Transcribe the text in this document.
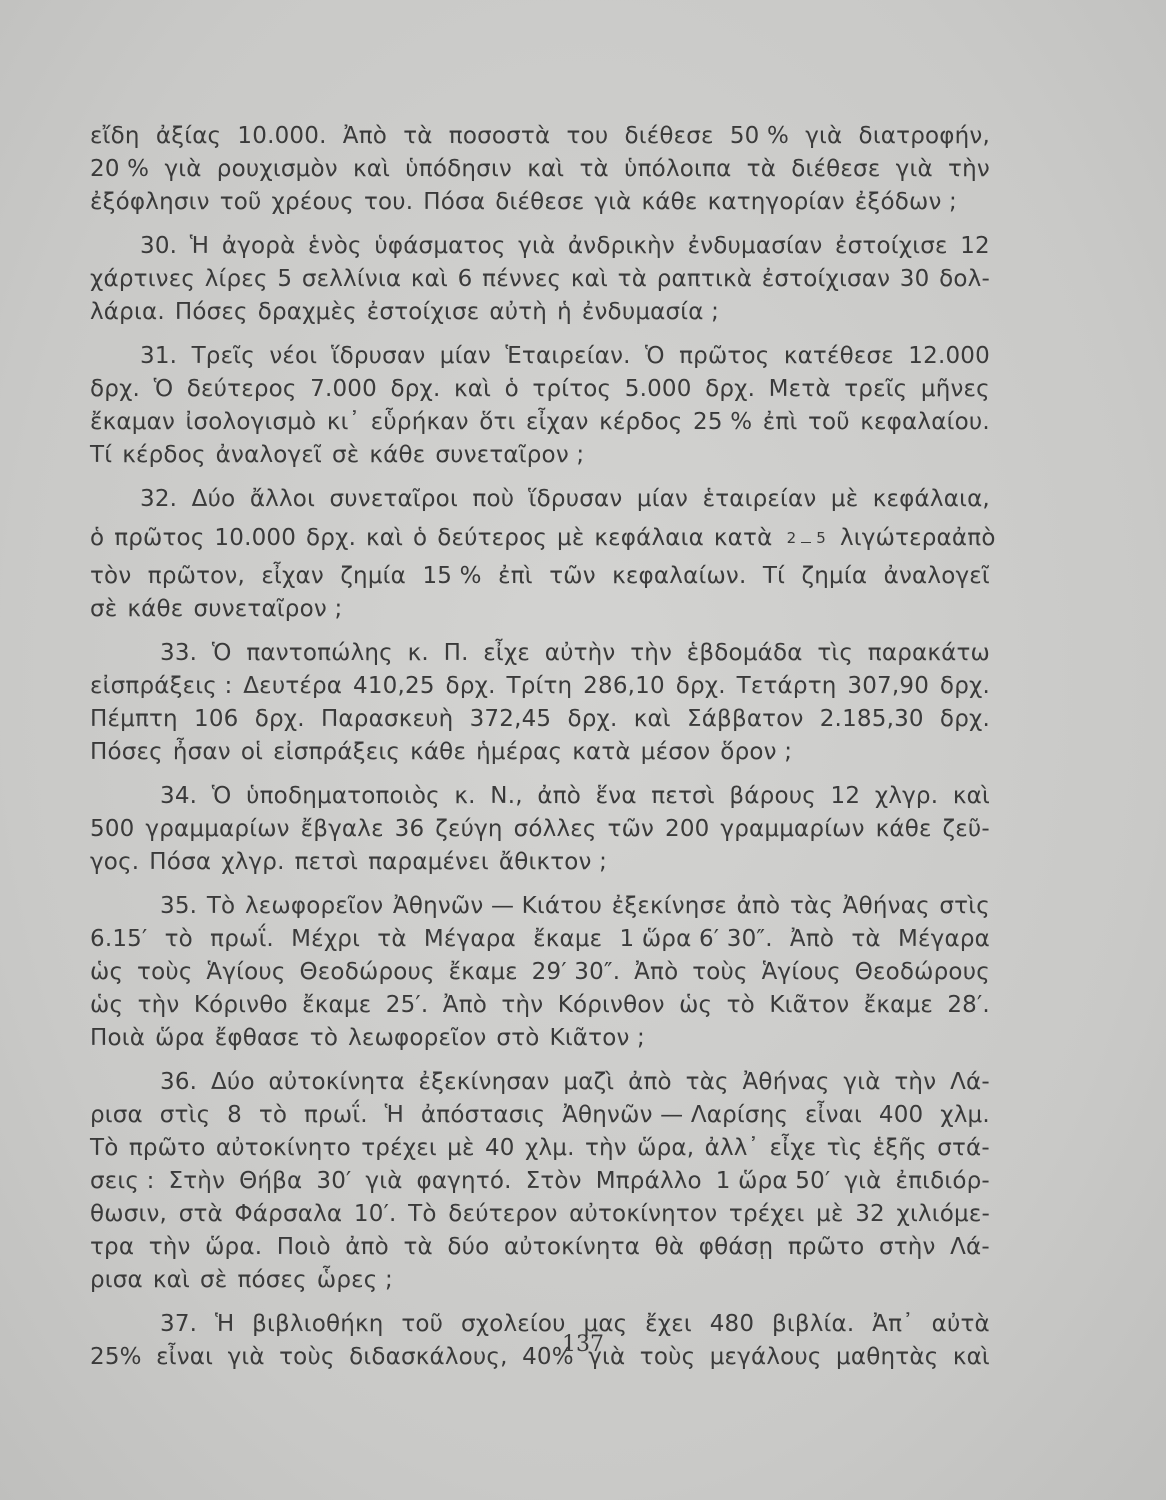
εἴδη ἀξίας 10.000. Ἀπὸ τὰ ποσοστὰ του διέθεσε 50 % γιὰ διατροφήν,
20 % γιὰ ρουχισμὸν καὶ ὑπόδησιν καὶ τὰ ὑπόλοιπα τὰ διέθεσε γιὰ τὴν
ἐξόφλησιν τοῦ χρέους του. Πόσα διέθεσε γιὰ κάθε κατηγορίαν ἐξόδων ;
30. Ἡ ἀγορὰ ἑνὸς ὑφάσματος γιὰ ἀνδρικὴν ἐνδυμασίαν ἐστοίχισε 12
χάρτινες λίρες 5 σελλίνια καὶ 6 πέννες καὶ τὰ ραπτικὰ ἐστοίχισαν 30 δολ-
λάρια. Πόσες δραχμὲς ἐστοίχισε αὐτὴ ἡ ἐνδυμασία ;
31. Τρεῖς νέοι ἵδρυσαν μίαν Ἑταιρείαν. Ὁ πρῶτος κατέθεσε 12.000
δρχ. Ὁ δεύτερος 7.000 δρχ. καὶ ὁ τρίτος 5.000 δρχ. Μετὰ τρεῖς μῆνες
ἔκαμαν ἰσολογισμὸ κι᾿ εὗρήκαν ὅτι εἶχαν κέρδος 25 % ἐπὶ τοῦ κεφαλαίου.
Τί κέρδος ἀναλογεῖ σὲ κάθε συνεταῖρον ;
32. Δύο ἄλλοι συνεταῖροι ποὺ ἵδρυσαν μίαν ἑταιρείαν μὲ κεφάλαια,
ὁ πρῶτος 10.000 δρχ. καὶ ὁ δεύτερος μὲ κεφάλαια κατὰ 2 5 λιγώτερα ἀπὸ
τὸν πρῶτον, εἶχαν ζημία 15 % ἐπὶ τῶν κεφαλαίων. Τί ζημία ἀναλογεῖ
σὲ κάθε συνεταῖρον ;
33. Ὁ παντοπώλης κ. Π. εἶχε αὐτὴν τὴν ἑβδομάδα τὶς παρακάτω
εἰσπράξεις : Δευτέρα 410,25 δρχ. Τρίτη 286,10 δρχ. Τετάρτη 307,90 δρχ.
Πέμπτη 106 δρχ. Παρασκευὴ 372,45 δρχ. καὶ Σάββατον 2.185,30 δρχ.
Πόσες ἦσαν οἱ εἰσπράξεις κάθε ἡμέρας κατὰ μέσον ὅρον ;
34. Ὁ ὑποδηματοποιὸς κ. Ν., ἀπὸ ἕνα πετσὶ βάρους 12 χλγρ. καὶ
500 γραμμαρίων ἔβγαλε 36 ζεύγη σόλλες τῶν 200 γραμμαρίων κάθε ζεῦ-
γος. Πόσα χλγρ. πετσὶ παραμένει ἄθικτον ;
35. Τὸ λεωφορεῖον Ἀθηνῶν — Κιάτου ἐξεκίνησε ἀπὸ τὰς Ἀθήνας στὶς
6.15′ τὸ πρωΐ. Μέχρι τὰ Μέγαρα ἔκαμε 1 ὥρα 6′ 30″. Ἀπὸ τὰ Μέγαρα
ὡς τοὺς Ἁγίους Θεοδώρους ἔκαμε 29′ 30″. Ἀπὸ τοὺς Ἁγίους Θεοδώρους
ὡς τὴν Κόρινθο ἔκαμε 25′. Ἀπὸ τὴν Κόρινθον ὡς τὸ Κιᾶτον ἔκαμε 28′.
Ποιὰ ὥρα ἔφθασε τὸ λεωφορεῖον στὸ Κιᾶτον ;
36. Δύο αὐτοκίνητα ἐξεκίνησαν μαζὶ ἀπὸ τὰς Ἀθήνας γιὰ τὴν Λά-
ρισα στὶς 8 τὸ πρωΐ. Ἡ ἀπόστασις Ἀθηνῶν — Λαρίσης εἶναι 400 χλμ.
Τὸ πρῶτο αὐτοκίνητο τρέχει μὲ 40 χλμ. τὴν ὥρα, ἀλλ᾿ εἶχε τὶς ἑξῆς στά-
σεις : Στὴν Θήβα 30′ γιὰ φαγητό. Στὸν Μπράλλο 1 ὥρα 50′ γιὰ ἐπιδιόρ-
θωσιν, στὰ Φάρσαλα 10′. Τὸ δεύτερον αὐτοκίνητον τρέχει μὲ 32 χιλιόμε-
τρα τὴν ὥρα. Ποιὸ ἀπὸ τὰ δύο αὐτοκίνητα θὰ φθάσῃ πρῶτο στὴν Λά-
ρισα καὶ σὲ πόσες ὧρες ;
37. Ἡ βιβλιοθήκη τοῦ σχολείου μας ἔχει 480 βιβλία. Ἀπ᾿ αὐτὰ
25% εἶναι γιὰ τοὺς διδασκάλους, 40% γιὰ τοὺς μεγάλους μαθητὰς καὶ
137
